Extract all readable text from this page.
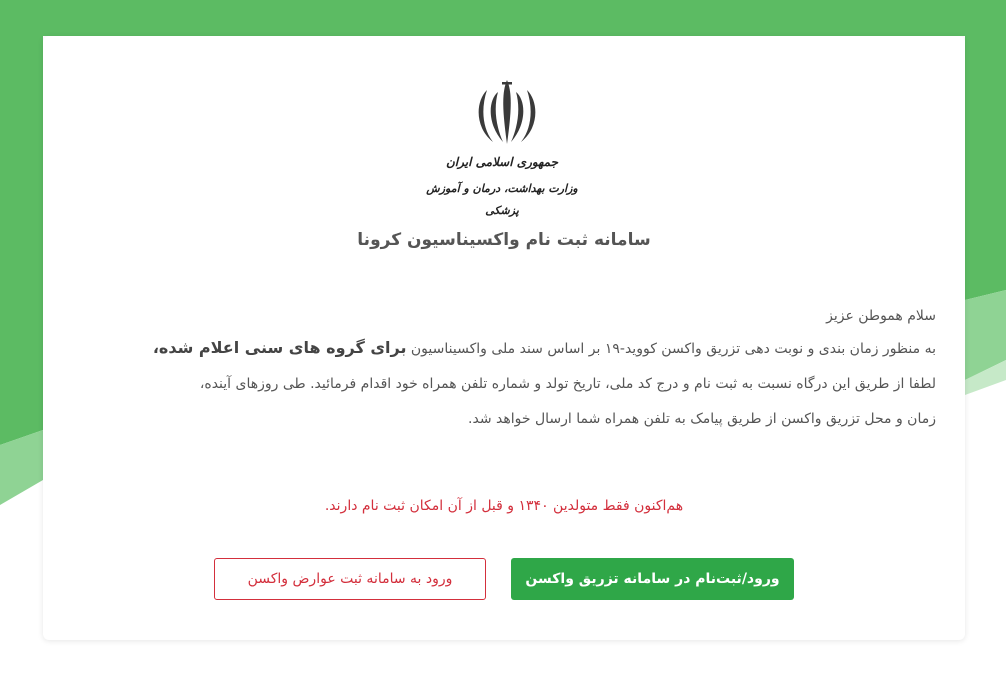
جمهوری اسلامی ایران
وزارت بهداشت، درمان و آموزش پزشکی
سامانه ثبت نام واکسیناسیون کرونا

سلام هموطن عزیز

به منظور زمان بندی و نوبت دهی تزریق واکسن کووید-۱۹ بر اساس سند ملی واکسیناسیون برای گروه های سنی اعلام شده،

لطفا از طریق این درگاه نسبت به ثبت نام و درج کد ملی، تاریخ تولد و شماره تلفن همراه خود اقدام فرمائید. طی روزهای آینده،

زمان و محل تزریق واکسن از طریق پیامک به تلفن همراه شما ارسال خواهد شد.

هم‌اکنون فقط متولدین ۱۳۴۰ و قبل از آن امکان ثبت نام دارند.
ورود/ثبت‌نام در سامانه تزریق واکسن
ورود به سامانه ثبت عوارض واکسن
